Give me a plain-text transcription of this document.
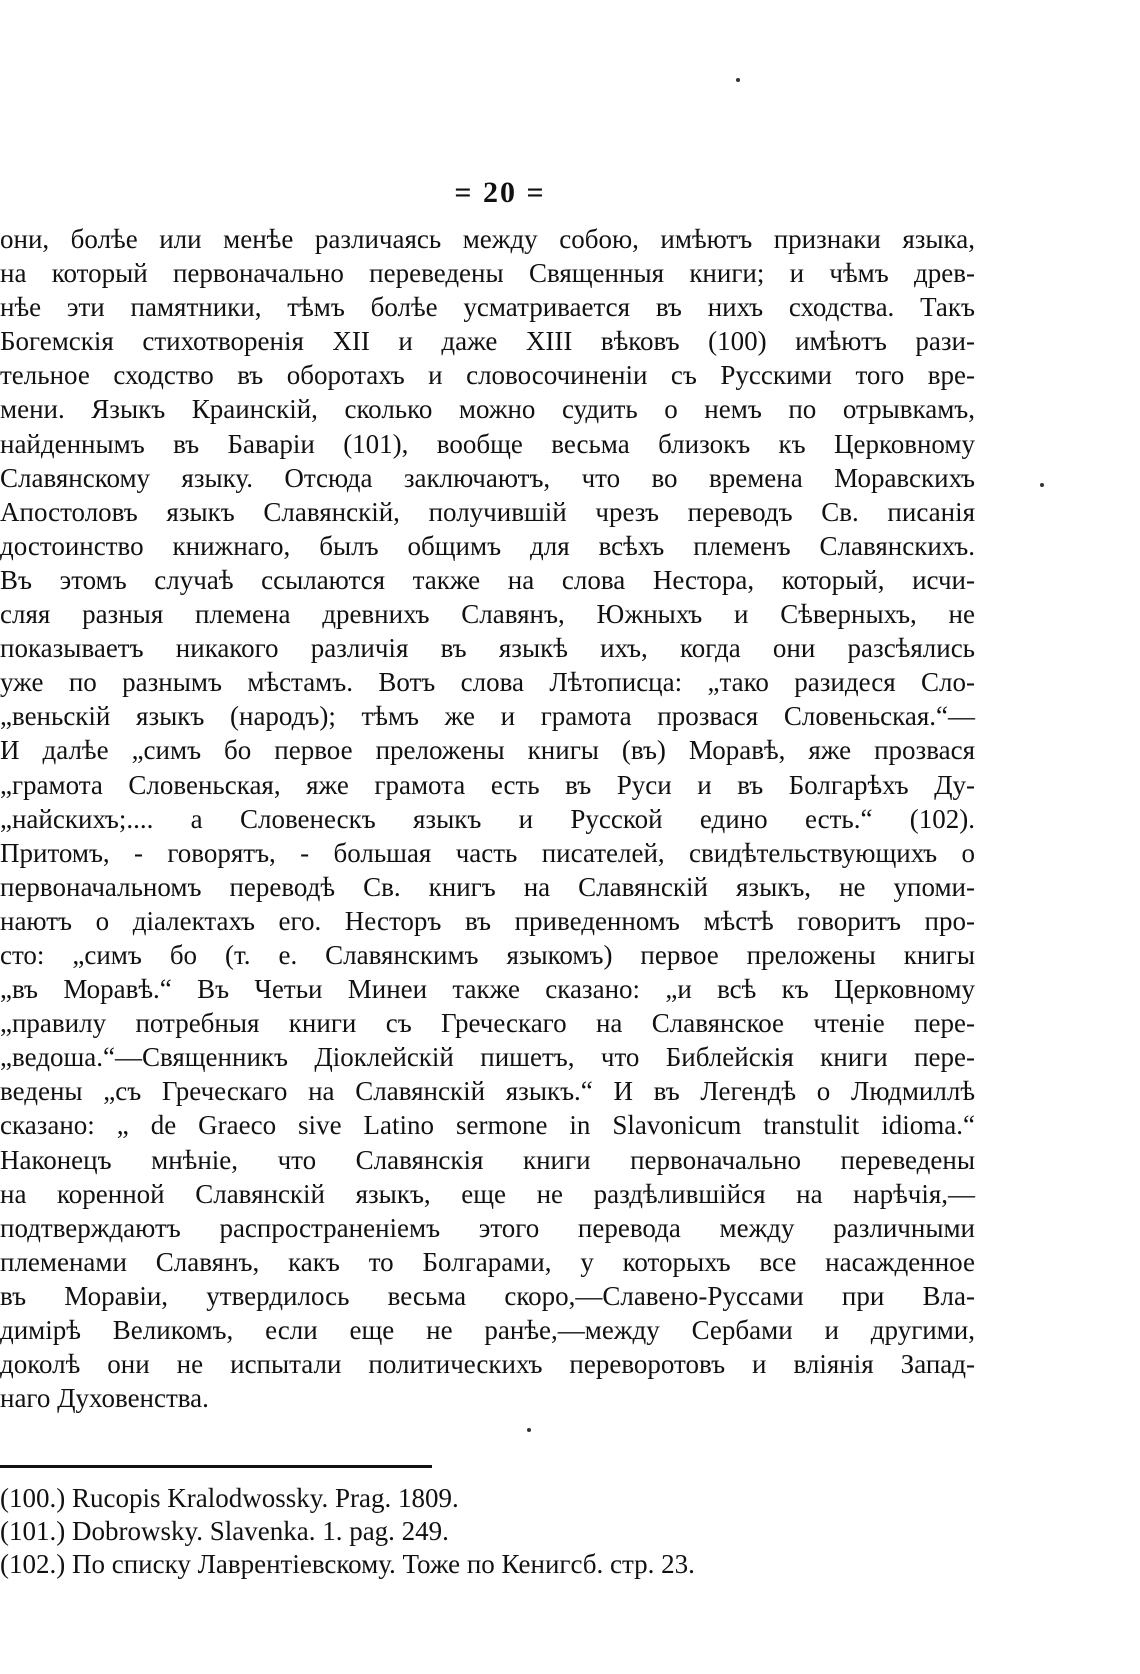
= 20 =
они, болѣе или менѣе различаясь между собою, имѣютъ признаки языка,
на который первоначально переведены Священныя книги; и чѣмъ древ-
нѣе эти памятники, тѣмъ болѣе усматривается въ нихъ сходства. Такъ
Богемскія стихотворенія XII и даже XIII вѣковъ (100) имѣютъ рази-
тельное сходство въ оборотахъ и словосочиненіи съ Русскими того вре-
мени. Языкъ Краинскій, сколько можно судить о немъ по отрывкамъ,
найденнымъ въ Баваріи (101), вообще весьма близокъ къ Церковному
Славянскому языку. Отсюда заключаютъ, что во времена Моравскихъ
Апостоловъ языкъ Славянскій, получившій чрезъ переводъ Св. писанія
достоинство книжнаго, былъ общимъ для всѣхъ племенъ Славянскихъ.
Въ этомъ случаѣ ссылаются также на слова Нестора, который, исчи-
сляя разныя племена древнихъ Славянъ, Южныхъ и Сѣверныхъ, не
показываетъ никакого различія въ языкѣ ихъ, когда они разсѣялись
уже по разнымъ мѣстамъ. Вотъ слова Лѣтописца: „тако разидеся Сло-
„веньскій языкъ (народъ); тѣмъ же и грамота прозвася Словеньская.“—
И далѣе „симъ бо первое преложены книгы (въ) Моравѣ, яже прозвася
„грамота Словеньская, яже грамота есть въ Руси и въ Болгарѣхъ Ду-
„найскихъ;.... а Словенескъ языкъ и Русской едино есть.“ (102).
Притомъ, - говорятъ, - большая часть писателей, свидѣтельствующихъ о
первоначальномъ переводѣ Св. книгъ на Славянскій языкъ, не упоми-
наютъ о діалектахъ его. Несторъ въ приведенномъ мѣстѣ говоритъ про-
сто: „симъ бо (т. е. Славянскимъ языкомъ) первое преложены книгы
„въ Моравѣ.“ Въ Четьи Минеи также сказано: „и всѣ къ Церковному
„правилу потребныя книги съ Греческаго на Славянское чтеніе пере-
„ведоша.“—Священникъ Діоклейскій пишетъ, что Библейскія книги пере-
ведены „съ Греческаго на Славянскій языкъ.“ И въ Легендѣ о Людмиллѣ
сказано: „ de Graeco sive Latino sermone in Slavonicum transtulit idioma.“
Наконецъ мнѣніе, что Славянскія книги первоначально переведены
на коренной Славянскій языкъ, еще не раздѣлившійся на нарѣчія,—
подтверждаютъ распространеніемъ этого перевода между различными
племенами Славянъ, какъ то Болгарами, у которыхъ все насажденное
въ Моравіи, утвердилось весьма скоро,—Славено-Руссами при Вла-
димірѣ Великомъ, если еще не ранѣе,—между Сербами и другими,
доколѣ они не испытали политическихъ переворотовъ и вліянія Запад-
наго Духовенства.
(100.) Rucopis Kralodwossky. Prag. 1809.
(101.) Dobrowsky. Slavenka. 1. pag. 249.
(102.) По списку Лаврентіевскому. Тоже по Кенигсб. стр. 23.
